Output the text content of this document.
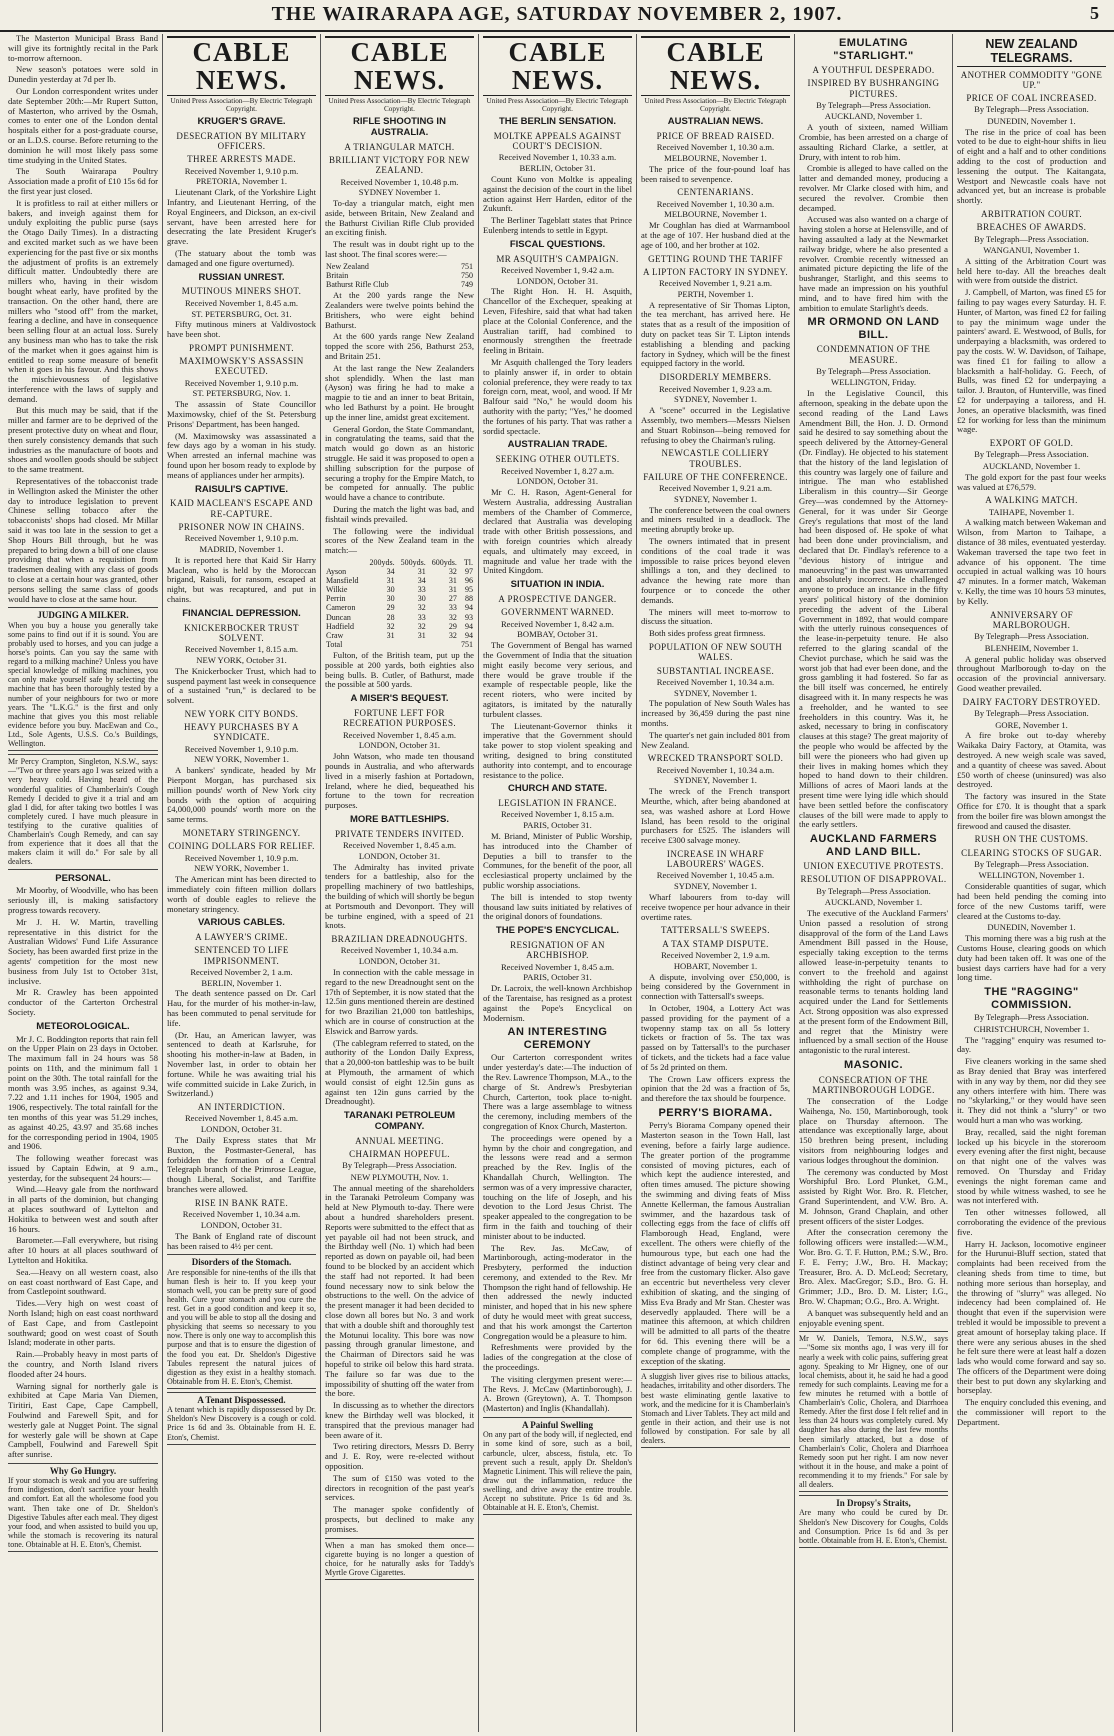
THE WAIRARAPA AGE, SATURDAY NOVEMBER 2, 1907.	5

The Masterton Municipal Brass Band will give its fortnightly recital in the Park to-morrow afternoon.

New season's potatoes were sold in Dunedin yesterday at 7d per lb.

Our London correspondent writes under date September 20th:—Mr Rupert Sutton, of Masterton, who arrived by the Osmah, comes to enter one of the London dental hospitals either for a post-graduate course, or an L.D.S. course. Before returning to the dominion he will most likely pass some time studying in the United States.

The South Wairarapa Poultry Association made a profit of £10 15s 6d for the first year just closed.

It is profitless to rail at either millers or bakers, and inveigh against them for unduly exploiting the public purse (says the Otago Daily Times). In a distracting and excited market such as we have been experiencing for the past five or six months the adjustment of profits is an extremely difficult matter. Undoubtedly there are millers who, having in their wisdom bought wheat early, have profited by the transaction. On the other hand, there are millers who "stood off" from the market, fearing a decline, and have in consequence been selling flour at an actual loss. Surely any business man who has to take the risk of the market when it goes against him is entitled to reap some measure of benefit when it goes in his favour. And this shows the mischievousness of legislative interference with the laws of supply and demand.

But this much may be said, that if the miller and farmer are to be deprived of the present protective duty on wheat and flour, then surely consistency demands that such industries as the manufacture of boots and shoes and woollen goods should be subject to the same treatment.

Representatives of the tobacconist trade in Wellington asked the Minister the other day to introduce legislation to prevent Chinese selling tobacco after the tobacconists' shops had closed. Mr Millar said it was too late in the session to get a Shop Hours Bill through, but he was prepared to bring down a bill of one clause providing that when a requisition from tradesmen dealing with any class of goods to close at a certain hour was granted, other persons selling the same class of goods would have to close at the same hour.

JUDGING A MILKER.
When you buy a house you generally take some pains to find out if it is sound. You are probably used to horses, and you can judge a horse's points. Can you say the same with regard to a milking machine? Unless you have special knowledge of milking machines, you can only make yourself safe by selecting the machine that has been thoroughly tested by a number of your neighbours for two or more years. The "L.K.G." is the first and only machine that gives you this most reliable evidence before you buy. MacEwan and Co., Ltd., Sole Agents, U.S.S. Co.'s Buildings, Wellington.
Mr Percy Crampton, Singleton, N.S.W., says:—"Two or three years ago I was seized with a very heavy cold. Having heard of the wonderful qualities of Chamberlain's Cough Remedy I decided to give it a trial and am glad I did, for after taking two bottles I was completely cured. I have much pleasure in testifying to the curative qualities of Chamberlain's Cough Remedy, and can say from experience that it does all that the makers claim it will do." For sale by all dealers.
PERSONAL.

Mr Moorby, of Woodville, who has been seriously ill, is making satisfactory progress towards recovery.

Mr J. H. W. Martin, travelling representative in this district for the Australian Widows' Fund Life Assurance Society, has been awarded first prize in the agents' competition for the most new business from July 1st to October 31st, inclusive.

Mr R. Crawley has been appointed conductor of the Carterton Orchestral Society.

METEOROLOGICAL.

Mr J. C. Boddington reports that rain fell on the Upper Plain on 23 days in October. The maximum fall in 24 hours was 58 points on 11th, and the minimum fall 1 point on the 30th. The total rainfall for the month was 3.95 inches, as against 9.34, 7.22 and 1.11 inches for 1904, 1905 and 1906, respectively. The total rainfall for the ten months of this year was 51.29 inches, as against 40.25, 43.97 and 35.68 inches for the corresponding period in 1904, 1905 and 1906.

The following weather forecast was issued by Captain Edwin, at 9 a.m., yesterday, for the subsequent 24 hours:—

Wind.—Heavy gale from the northward in all parts of the dominion, but changing at places southward of Lyttelton and Hokitika to between west and south after 16 hours.

Barometer.—Fall everywhere, but rising after 10 hours at all places southward of Lyttelton and Hokitika.

Sea.—Heavy on all western coast, also on east coast northward of East Cape, and from Castlepoint southward.

Tides.—Very high on west coast of North Island; high on east coast northward of East Cape, and from Castlepoint southward; good on west coast of South Island; moderate in other parts.

Rain.—Probably heavy in most parts of the country, and North Island rivers flooded after 24 hours.

Warning signal for northerly gale is exhibited at Cape Maria Van Diemen, Tiritiri, East Cape, Cape Campbell, Foulwind and Farewell Spit, and for westerly gale at Nugget Point. The signal for westerly gale will be shown at Cape Campbell, Foulwind and Farewell Spit after sunrise.

Why Go Hungry.
If your stomach is weak and you are suffering from indigestion, don't sacrifice your health and comfort. Eat all the wholesome food you want. Then take one of Dr. Sheldon's Digestive Tabules after each meal. They digest your food, and when assisted to build you up, while the stomach is recovering its natural tone. Obtainable at H. E. Eton's, Chemist.
CABLE NEWS.
United Press Association—By Electric Telegraph Copyright.
KRUGER'S GRAVE.
DESECRATION BY MILITARY OFFICERS.
THREE ARRESTS MADE.
Received November 1, 9.10 p.m.
PRETORIA, November 1.

Lieutenant Clark, of the Yorkshire Light Infantry, and Lieutenant Herring, of the Royal Engineers, and Dickson, an ex-civil servant, have been arrested here for desecrating the late President Kruger's grave.

(The statuary about the tomb was damaged and one figure overturned).

RUSSIAN UNREST.
MUTINOUS MINERS SHOT.
Received November 1, 8.45 a.m.
ST. PETERSBURG, Oct. 31.

Fifty mutinous miners at Valdivostock have been shot.

PROMPT PUNISHMENT.
MAXIMOWSKY'S ASSASSIN EXECUTED.
Received November 1, 9.10 p.m.
ST. PETERSBURG, Nov. 1.

The assassin of State Councillor Maximowsky, chief of the St. Petersburg Prisons' Department, has been hanged.

(M. Maximowsky was assassinated a few days ago by a woman in his study. When arrested an infernal machine was found upon her bosom ready to explode by means of appliances under her armpits).

RAISULI'S CAPTIVE.
KAID MACLEAN'S ESCAPE AND RE-CAPTURE.
PRISONER NOW IN CHAINS.
Received November 1, 9.10 p.m.
MADRID, November 1.

It is reported here that Kaid Sir Harry Maclean, who is held by the Moroccan brigand, Raisuli, for ransom, escaped at night, but was recaptured, and put in chains.

FINANCIAL DEPRESSION.
KNICKERBOCKER TRUST SOLVENT.
Received November 1, 8.15 a.m.
NEW YORK, October 31.

The Knickerbocker Trust, which had to suspend payment last week in consequence of a sustained "run," is declared to be solvent.

NEW YORK CITY BONDS.
HEAVY PURCHASES BY A SYNDICATE.
Received November 1, 9.10 p.m.
NEW YORK, November 1.

A bankers' syndicate, headed by Mr Pierpont Morgan, has purchased six million pounds' worth of New York city bonds with the option of acquiring £4,000,000 pounds' worth more on the same terms.

MONETARY STRINGENCY.
COINING DOLLARS FOR RELIEF.
Received November 1, 10.9 p.m.
NEW YORK, November 1.

The American mint has been directed to immediately coin fifteen million dollars worth of double eagles to relieve the monetary stringency.

VARIOUS CABLES.
A LAWYER'S CRIME.
SENTENCED TO LIFE IMPRISONMENT.
Received November 2, 1 a.m.
BERLIN, November 1.

The death sentence passed on Dr. Carl Hau, for the murder of his mother-in-law, has been commuted to penal servitude for life.

(Dr. Hau, an American lawyer, was sentenced to death at Karlsruhe, for shooting his mother-in-law at Baden, in November last, in order to obtain her fortune. While he was awaiting trial his wife committed suicide in Lake Zurich, in Switzerland.)

AN INTERDICTION.
Received November 1, 8.45 a.m.
LONDON, October 31.

The Daily Express states that Mr Buxton, the Postmaster-General, has forbidden the formation of a Central Telegraph branch of the Primrose League, though Liberal, Socialist, and Tariffite branches were allowed.

RISE IN BANK RATE.
Received November 1, 10.34 a.m.
LONDON, October 31.

The Bank of England rate of discount has been raised to 4½ per cent.

Disorders of the Stomach.
Are responsible for nine-tenths of the ills that human flesh is heir to. If you keep your stomach well, you can be pretty sure of good health. Cure your stomach and you cure the rest. Get in a good condition and keep it so, and you will be able to stop all the dosing and physicking that seems so necessary to you now. There is only one way to accomplish this purpose and that is to ensure the digestion of the food you eat. Dr. Sheldon's Digestive Tabules represent the natural juices of digestion as they exist in a healthy stomach. Obtainable from H. E. Eton's, Chemist.
A Tenant Dispossessed.
A tenant which is rapidly dispossessed by Dr. Sheldon's New Discovery is a cough or cold. Price 1s 6d and 3s. Obtainable from H. E. Eton's, Chemist.
CABLE NEWS.
United Press Association—By Electric Telegraph Copyright.
RIFLE SHOOTING IN AUSTRALIA.
A TRIANGULAR MATCH.
BRILLIANT VICTORY FOR NEW ZEALAND.
Received November 1, 10.48 p.m.
SYDNEY November 1.

To-day a triangular match, eight men aside, between Britain, New Zealand and the Bathurst Civilian Rifle Club provided an exciting finish.

The result was in doubt right up to the last shoot. The final scores were:—

New Zealand	751
Britain	750
Bathurst Rifle Club	749

At the 200 yards range the New Zealanders were twelve points behind the Britishers, who were eight behind Bathurst.

At the 600 yards range New Zealand topped the score with 256, Bathurst 253, and Britain 251.

At the last range the New Zealanders shot splendidly. When the last man (Ayson) was firing he had to make a magpie to tie and an inner to beat Britain, who led Bathurst by a point. He brought up the inner line, amidst great excitement.

General Gordon, the State Commandant, in congratulating the teams, said that the match would go down as an historic struggle. He said it was proposed to open a shilling subscription for the purpose of securing a trophy for the Empire Match, to be competed for annually. The public would have a chance to contribute.

During the match the light was bad, and fishtail winds prevailed.

The following were the individual scores of the New Zealand team in the match:—

	200yds.	500yds.	600yds.	Tl.
Ayson	34	31	32	97
Mansfield	31	34	31	96
Wilkie	30	33	31	95
Perrin	30	30	27	88
Cameron	29	32	33	94
Duncan	28	33	32	93
Hadfield	32	32	29	94
Craw	31	31	32	94
Total				751

Fulton, of the British team, put up the possible at 200 yards, both eighties also being bulls. B. Cutler, of Bathurst, made the possible at 500 yards.

A MISER'S BEQUEST.
FORTUNE LEFT FOR RECREATION PURPOSES.
Received November 1, 8.45 a.m.
LONDON, October 31.

John Watson, who made ten thousand pounds in Australia, and who afterwards lived in a miserly fashion at Portadown, Ireland, where he died, bequeathed his fortune to the town for recreation purposes.

MORE BATTLESHIPS.
PRIVATE TENDERS INVITED.
Received November 1, 8.45 a.m.
LONDON, October 31.

The Admiralty has invited private tenders for a battleship, also for the propelling machinery of two battleships, the building of which will shortly be begun at Portsmouth and Devonport. They will be turbine engined, with a speed of 21 knots.

BRAZILIAN DREADNOUGHTS.
Received November 1, 10.34 a.m.
LONDON, October 31.

In connection with the cable message in regard to the new Dreadnought sent on the 17th of September, it is now stated that the 12.5in guns mentioned therein are destined for two Brazilian 21,000 ton battleships, which are in course of construction at the Elswick and Barrow yards.

(The cablegram referred to stated, on the authority of the London Daily Express, that a 20,000-ton battleship was to be built at Plymouth, the armament of which would consist of eight 12.5in guns as against ten 12in guns carried by the Dreadnought).

TARANAKI PETROLEUM COMPANY.
ANNUAL MEETING.
CHAIRMAN HOPEFUL.
By Telegraph—Press Association.
NEW PLYMOUTH, Nov. 1.

The annual meeting of the shareholders in the Taranaki Petroleum Company was held at New Plymouth to-day. There were about a hundred shareholders present. Reports were submitted to the effect that as yet payable oil had not been struck, and the Birthday well (No. 1) which had been reported as down on payable oil, had been found to be blocked by an accident which the staff had not reported. It had been found necessary now to sink below the obstructions to the well. On the advice of the present manager it had been decided to close down all bores but No. 3 and work that with a double shift and thoroughly test the Motunui locality. This bore was now passing through granular limestone, and the Chairman of Directors said he was hopeful to strike oil below this hard strata. The failure so far was due to the impossibility of shutting off the water from the bore.

In discussing as to whether the directors knew the Birthday well was blocked, it transpired that the previous manager had been aware of it.

Two retiring directors, Messrs D. Berry and J. E. Roy, were re-elected without opposition.

The sum of £150 was voted to the directors in recognition of the past year's services.

The manager spoke confidently of prospects, but declined to make any promises.

When a man has smoked them once—cigarette buying is no longer a question of choice, for he naturally asks for Taddy's Myrtle Grove Cigarettes.
CABLE NEWS.
United Press Association—By Electric Telegraph Copyright.
THE BERLIN SENSATION.
MOLTKE APPEALS AGAINST COURT'S DECISION.
Received November 1, 10.33 a.m.
BERLIN, October 31.

Count Kuno von Moltke is appealing against the decision of the court in the libel action against Herr Harden, editor of the Zukunft.

The Berliner Tageblatt states that Prince Eulenberg intends to settle in Egypt.

FISCAL QUESTIONS.
MR ASQUITH'S CAMPAIGN.
Received November 1, 9.42 a.m.
LONDON, October 31.

The Right Hon. H. H. Asquith, Chancellor of the Exchequer, speaking at Leven, Fifeshire, said that what had taken place at the Colonial Conference, and the Australian tariff, had combined to enormously strengthen the freetrade feeling in Britain.

Mr Asquith challenged the Tory leaders to plainly answer if, in order to obtain colonial preference, they were ready to tax foreign corn, meat, wool, and wood. If Mr Balfour said "No," he would doom his authority with the party; "Yes," he doomed the fortunes of his party. That was rather a sordid spectacle.

AUSTRALIAN TRADE.
SEEKING OTHER OUTLETS.
Received November 1, 8.27 a.m.
LONDON, October 31.

Mr C. H. Rason, Agent-General for Western Australia, addressing Australian members of the Chamber of Commerce, declared that Australia was developing trade with other British possessions, and with foreign countries which already equals, and ultimately may exceed, in magnitude and value her trade with the United Kingdom.

SITUATION IN INDIA.
A PROSPECTIVE DANGER.
GOVERNMENT WARNED.
Received November 1, 8.42 a.m.
BOMBAY, October 31.

The Government of Bengal has warned the Government of India that the situation might easily become very serious, and there would be grave trouble if the example of respectable people, like the recent rioters, who were incited by agitators, is imitated by the naturally turbulent classes.

The Lieutenant-Governor thinks it imperative that the Government should take power to stop violent speaking and writing, designed to bring constituted authority into contempt, and to encourage resistance to the police.

CHURCH AND STATE.
LEGISLATION IN FRANCE.
Received November 1, 8.15 a.m.
PARIS, October 31.

M. Briand, Minister of Public Worship, has introduced into the Chamber of Deputies a bill to transfer to the Communes, for the benefit of the poor, all ecclesiastical property unclaimed by the public worship associations.

The bill is intended to stop twenty thousand law suits initiated by relatives of the original donors of foundations.

THE POPE'S ENCYCLICAL.
RESIGNATION OF AN ARCHBISHOP.
Received November 1, 8.45 a.m.
PARIS, October 31.

Dr. Lacroix, the well-known Archbishop of the Tarentaise, has resigned as a protest against the Pope's Encyclical on Modernism.

AN INTERESTING CEREMONY

Our Carterton correspondent writes under yesterday's date:—The induction of the Rev. Lawrence Thompson, M.A., to the charge of St. Andrew's Presbyterian Church, Carterton, took place to-night. There was a large assemblage to witness the ceremony, including members of the congregation of Knox Church, Masterton.

The proceedings were opened by a hymn by the choir and congregation, and the lessons were read and a sermon preached by the Rev. Inglis of the Khandallah Church, Wellington. The sermon was of a very impressive character, touching on the life of Joseph, and his devotion to the Lord Jesus Christ. The speaker appealed to the congregation to be firm in the faith and touching of their minister about to be inducted.

The Rev. Jas. McCaw, of Martinborough, acting-moderator in the Presbytery, performed the induction ceremony, and extended to the Rev. Mr Thompson the right hand of fellowship. He then addressed the newly inducted minister, and hoped that in his new sphere of duty he would meet with great success, and that his work amongst the Carterton Congregation would be a pleasure to him.

Refreshments were provided by the ladies of the congregation at the close of the proceedings.

The visiting clergymen present were:—The Revs. J. McCaw (Martinborough), J. A. Brown (Greytown), A. T. Thompson (Masterton) and Inglis (Khandallah).

A Painful Swelling
On any part of the body will, if neglected, end in some kind of sore, such as a boil, carbuncle, ulcer, abscess, fistula, etc. To prevent such a result, apply Dr. Sheldon's Magnetic Liniment. This will relieve the pain, draw out the inflammation, reduce the swelling, and drive away the entire trouble. Accept no substitute. Price 1s 6d and 3s. Obtainable at H. E. Eton's, Chemist.
CABLE NEWS.
United Press Association—By Electric Telegraph Copyright.
AUSTRALIAN NEWS.
PRICE OF BREAD RAISED.
Received November 1, 10.30 a.m.
MELBOURNE, November 1.

The price of the four-pound loaf has been raised to sevenpence.

CENTENARIANS.
Received November 1, 10.30 a.m.
MELBOURNE, November 1.

Mr Coughlan has died at Warrnambool at the age of 107. Her husband died at the age of 100, and her brother at 102.

GETTING ROUND THE TARIFF
A LIPTON FACTORY IN SYDNEY.
Received November 1, 9.21 a.m.
PERTH, November 1.

A representative of Sir Thomas Lipton, the tea merchant, has arrived here. He states that as a result of the imposition of duty on packet teas Sir T. Lipton intends establishing a blending and packing factory in Sydney, which will be the finest equipped factory in the world.

DISORDERLY MEMBERS.
Received November 1, 9.23 a.m.
SYDNEY, November 1.

A "scene" occurred in the Legislative Assembly, two members—Messrs Nielsen and Stuart Robinson—being removed for refusing to obey the Chairman's ruling.

NEWCASTLE COLLIERY TROUBLES.
FAILURE OF THE CONFERENCE.
Received November 1, 9.21 a.m.
SYDNEY, November 1.

The conference between the coal owners and miners resulted in a deadlock. The meeting abruptly broke up.

The owners intimated that in present conditions of the coal trade it was impossible to raise prices beyond eleven shillings a ton, and they declined to advance the hewing rate more than fourpence or to concede the other demands.

The miners will meet to-morrow to discuss the situation.

Both sides profess great firmness.

POPULATION OF NEW SOUTH WALES.
SUBSTANTIAL INCREASE.
Received November 1, 10.34 a.m.
SYDNEY, November 1.

The population of New South Wales has increased by 36,459 during the past nine months.

The quarter's net gain included 801 from New Zealand.

WRECKED TRANSPORT SOLD.
Received November 1, 10.34 a.m.
SYDNEY, November 1.

The wreck of the French transport Meurthe, which, after being abandoned at sea, was washed ashore at Lord Howe Island, has been resold to the original purchasers for £525. The islanders will receive £300 salvage money.

INCREASE IN WHARF LABOURERS' WAGES.
Received November 1, 10.45 a.m.
SYDNEY, November 1.

Wharf labourers from to-day will receive twopence per hour advance in their overtime rates.

TATTERSALL'S SWEEPS.
A TAX STAMP DISPUTE.
Received November 2, 1.9 a.m.
HOBART, November 1.

A dispute, involving over £50,000, is being considered by the Government in connection with Tattersall's sweeps.

In October, 1904, a Lottery Act was passed providing for the payment of a twopenny stamp tax on all 5s lottery tickets or fraction of 5s. The tax was passed on by Tattersall's to the purchaser of tickets, and the tickets had a face value of 5s 2d printed on them.

The Crown Law officers express the opinion that the 2d was a fraction of 5s, and therefore the tax should be fourpence.

PERRY'S BIORAMA.

Perry's Biorama Company opened their Masterton season in the Town Hall, last evening, before a fairly large audience. The greater portion of the programme consisted of moving pictures, each of which kept the audience interested, and often times amused. The picture showing the swimming and diving feats of Miss Annette Kellerman, the famous Australian swimmer, and the hazardous task of collecting eggs from the face of cliffs off Flamborough Head, England, were excellent. The others were chiefly of the humourous type, but each one had the distinct advantage of being very clear and free from the customary flicker. Also gave an eccentric but nevertheless very clever exhibition of skating, and the singing of Miss Eva Brady and Mr Stan. Chester was deservedly applauded. There will be a matinee this afternoon, at which children will be admitted to all parts of the theatre for 6d. This evening there will be a complete change of programme, with the exception of the skating.

A sluggish liver gives rise to bilious attacks, headaches, irritability and other disorders. The best waste eliminating gentle laxative to work, and the medicine for it is Chamberlain's Stomach and Liver Tablets. They act mild and gentle in their action, and their use is not followed by constipation. For sale by all dealers.
EMULATING "STARLIGHT."
A YOUTHFUL DESPERADO.
INSPIRED BY BUSHRANGING PICTURES.
By Telegraph—Press Association.
AUCKLAND, November 1.

A youth of sixteen, named William Crombie, has been arrested on a charge of assaulting Richard Clarke, a settler, at Drury, with intent to rob him.

Crombie is alleged to have called on the latter and demanded money, producing a revolver. Mr Clarke closed with him, and secured the revolver. Crombie then decamped.

Accused was also wanted on a charge of having stolen a horse at Helensville, and of having assaulted a lady at the Newmarket railway bridge, where he also presented a revolver. Crombie recently witnessed an animated picture depicting the life of the bushranger, Starlight, and this seems to have made an impression on his youthful mind, and to have fired him with the ambition to emulate Starlight's deeds.

MR ORMOND ON LAND BILL.
CONDEMNATION OF THE MEASURE.
By Telegraph—Press Association.
WELLINGTON, Friday.

In the Legislative Council, this afternoon, speaking in the debate upon the second reading of the Land Laws Amendment Bill, the Hon. J. D. Ormond said he desired to say something about the speech delivered by the Attorney-General (Dr. Findlay). He objected to his statement that the history of the land legislation of this country was largely one of failure and intrigue. The man who established Liberalism in this country—Sir George Grey—was condemned by the Attorney-General, for it was under Sir George Grey's regulations that most of the land had been disposed of. He spoke of what had been done under provincialism, and declared that Dr. Findlay's reference to a "devious history of intrigue and manoeuvring" in the past was unwarranted and absolutely incorrect. He challenged anyone to produce an instance in the fifty years' political history of the dominion preceding the advent of the Liberal Government in 1892, that would compare with the utterly ruinous consequences of the lease-in-perpetuity tenure. He also referred to the glaring scandal of the Cheviot purchase, which he said was the worst job that had ever been done, and the gross gambling it had fostered. So far as the bill itself was concerned, he entirely disagreed with it. In many respects he was a freeholder, and he wanted to see freeholders in this country. Was it, he asked, necessary to bring in confiscatory clauses at this stage? The great majority of the people who would be affected by the bill were the pioneers who had given up their lives in making homes which they hoped to hand down to their children. Millions of acres of Maori lands at the present time were lying idle which should have been settled before the confiscatory clauses of the bill were made to apply to the early settlers.

AUCKLAND FARMERS AND LAND BILL.
UNION EXECUTIVE PROTESTS.
RESOLUTION OF DISAPPROVAL.
By Telegraph—Press Association.
AUCKLAND, November 1.

The executive of the Auckland Farmers' Union passed a resolution of strong disapproval of the form of the Land Laws Amendment Bill passed in the House, especially taking exception to the terms allowed lease-in-perpetuity tenants to convert to the freehold and against withholding the right of purchase on reasonable terms to tenants holding land acquired under the Land for Settlements Act. Strong opposition was also expressed at the present form of the Endowment Bill, and regret that the Ministry were influenced by a small section of the House antagonistic to the rural interest.

MASONIC.
CONSECRATION OF THE MARTINBOROUGH LODGE.

The consecration of the Lodge Waihenga, No. 150, Martinborough, took place on Thursday afternoon. The attendance was exceptionally large, about 150 brethren being present, including visitors from neighbouring lodges and various lodges throughout the dominion.

The ceremony was conducted by Most Worshipful Bro. Lord Plunket, G.M., assisted by Right Wor. Bro. R. Fletcher, Grand Superintendent, and V.W. Bro. A. M. Johnson, Grand Chaplain, and other present officers of the sister Lodges.

After the consecration ceremony the following officers were installed:—W.M., Wor. Bro. G. T. F. Hutton, P.M.; S.W., Bro. F. E. Ferry; J.W., Bro. H. Mackay; Treasurer, Bro. A. D. McLeod; Secretary, Bro. Alex. MacGregor; S.D., Bro. G. H. Grimmer; J.D., Bro. D. M. Lister; I.G., Bro. W. Chapman; O.G., Bro. A. Wright.

A banquet was subsequently held and an enjoyable evening spent.

Mr W. Daniels, Temora, N.S.W., says—"Some six months ago, I was very ill for nearly a week with colic pains, suffering great agony. Speaking to Mr Higney, one of our local chemists, about it, he said he had a good remedy for such complaints. Leaving me for a few minutes he returned with a bottle of Chamberlain's Colic, Cholera, and Diarrhoea Remedy. After the first dose I felt relief and in less than 24 hours was completely cured. My daughter has also during the last few months been similarly attacked, but a dose of Chamberlain's Colic, Cholera and Diarrhoea Remedy soon put her right. I am now never without it in the house, and make a point of recommending it to my friends." For sale by all dealers.
In Dropsy's Straits,
Are many who could be cured by Dr. Sheldon's New Discovery for Coughs, Colds and Consumption. Price 1s 6d and 3s per bottle. Obtainable from H. E. Eton's, Chemist.
NEW ZEALAND TELEGRAMS.
ANOTHER COMMODITY "GONE UP."
PRICE OF COAL INCREASED.
By Telegraph—Press Association.
DUNEDIN, November 1.

The rise in the price of coal has been voted to be due to eight-hour shifts in lieu of eight and a half and to other conditions adding to the cost of production and lessening the output. The Kaitangata, Westport and Newcastle coals have not advanced yet, but an increase is probable shortly.

ARBITRATION COURT.
BREACHES OF AWARDS.
By Telegraph—Press Association.
WANGANUI, November 1.

A sitting of the Arbitration Court was held here to-day. All the breaches dealt with were from outside the district.

J. Campbell, of Marton, was fined £5 for failing to pay wages every Saturday. H. F. Hunter, of Marton, was fined £2 for failing to pay the minimum wage under the painters' award. E. Westwood, of Bulls, for underpaying a blacksmith, was ordered to pay the costs. W. W. Davidson, of Taihape, was fined £1 for failing to allow a blacksmith a half-holiday. G. Feech, of Bulls, was fined £2 for underpaying a tailor. J. Brauton, of Hunterville, was fined £2 for underpaying a tailoress, and H. Jones, an operative blacksmith, was fined £2 for working for less than the minimum wage.

EXPORT OF GOLD.
By Telegraph—Press Association.
AUCKLAND, November 1.

The gold export for the past four weeks was valued at £76,579.

A WALKING MATCH.
TAIHAPE, November 1.

A walking match between Wakeman and Wilson, from Marton to Taihape, a distance of 38 miles, eventuated yesterday. Wakeman traversed the tape two feet in advance of his opponent. The time occupied in actual walking was 10 hours 47 minutes. In a former match, Wakeman v. Kelly, the time was 10 hours 53 minutes, by Kelly.

ANNIVERSARY OF MARLBOROUGH.
By Telegraph—Press Association.
BLENHEIM, November 1.

A general public holiday was observed throughout Marlborough to-day on the occasion of the provincial anniversary. Good weather prevailed.

DAIRY FACTORY DESTROYED.
By Telegraph—Press Association.
GORE, November 1.

A fire broke out to-day whereby Waikaka Dairy Factory, at Otamita, was destroyed. A new weigh scale was saved, and a quantity of cheese was saved. About £50 worth of cheese (uninsured) was also destroyed.

The factory was insured in the State Office for £70. It is thought that a spark from the boiler fire was blown amongst the firewood and caused the disaster.

RUSH ON THE CUSTOMS.
CLEARING STOCKS OF SUGAR.
By Telegraph—Press Association.
WELLINGTON, November 1.

Considerable quantities of sugar, which had been held pending the coming into force of the new Customs tariff, were cleared at the Customs to-day.

DUNEDIN, November 1.

This morning there was a big rush at the Customs House, clearing goods on which duty had been taken off. It was one of the busiest days carriers have had for a very long time.

THE "RAGGING" COMMISSION.
By Telegraph—Press Association.
CHRISTCHURCH, November 1.

The "ragging" enquiry was resumed to-day.

Five cleaners working in the same shed as Bray denied that Bray was interfered with in any way by them, nor did they see any others interfere with him. There was no "skylarking," or they would have seen it. They did not think a "slurry" or two would hurt a man who was working.

Bray, recalled, said the night foreman locked up his bicycle in the storeroom every evening after the first night, because on that night one of the valves was removed. On Thursday and Friday evenings the night foreman came and stood by while witness washed, to see he was not interfered with.

Ten other witnesses followed, all corroborating the evidence of the previous five.

Harry H. Jackson, locomotive engineer for the Hurunui-Bluff section, stated that complaints had been received from the cleaning sheds from time to time, but nothing more serious than horseplay, and the throwing of "slurry" was alleged. No indecency had been complained of. He thought that even if the supervision were trebled it would be impossible to prevent a great amount of horseplay taking place. If there were any serious abuses in the shed he felt sure there were at least half a dozen lads who would come forward and say so. The officers of the Department were doing their best to put down any skylarking and horseplay.

The enquiry concluded this evening, and the commissioner will report to the Department.
